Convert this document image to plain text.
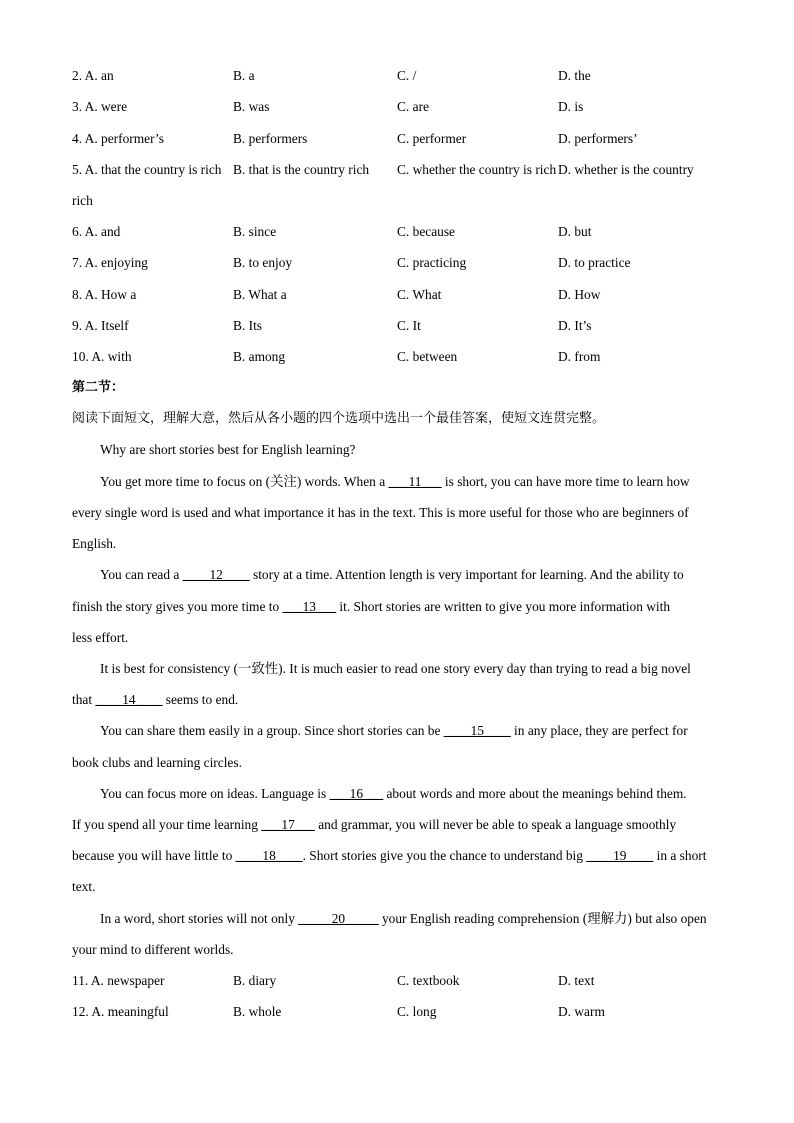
2. A. an	B. a	C. /	D. the
3. A. were	B. was	C. are	D. is
4. A. performer’s	B. performers	C. performer	D. performers’
5. A. that the country is rich B. that is the country rich C. whether the country is rich D. whether is the country
rich
6. A. and	B. since	C. because	D. but
7. A. enjoying	B. to enjoy	C. practicing	D. to practice
8. A. How a	B. What a	C. What	D. How
9. A. Itself	B. Its	C. It	D. It’s
10. A. with	B. among	C. between	D. from
第二节：
阅读下面短文，理解大意，然后从各小题的四个选项中选出一个最佳答案，使短文连贯完整。
Why are short stories best for English learning?
You get more time to focus on (关注) words. When a ___11___ is short, you can have more time to learn how
every single word is used and what importance it has in the text. This is more useful for those who are beginners of
English.
You can read a ____12____ story at a time. Attention length is very important for learning. And the ability to
finish the story gives you more time to ___13___ it. Short stories are written to give you more information with
less effort.
It is best for consistency (一致性). It is much easier to read one story every day than trying to read a big novel
that ____14____ seems to end.
You can share them easily in a group. Since short stories can be ____15____ in any place, they are perfect for
book clubs and learning circles.
You can focus more on ideas. Language is ___16___ about words and more about the meanings behind them.
If you spend all your time learning ___17___ and grammar, you will never be able to speak a language smoothly
because you will have little to ____18____. Short stories give you the chance to understand big ____19____ in a short
text.
In a word, short stories will not only _____20_____ your English reading comprehension (理解力) but also open
your mind to different worlds.
11. A. newspaper	B. diary	C. textbook	D. text
12. A. meaningful	B. whole	C. long	D. warm
